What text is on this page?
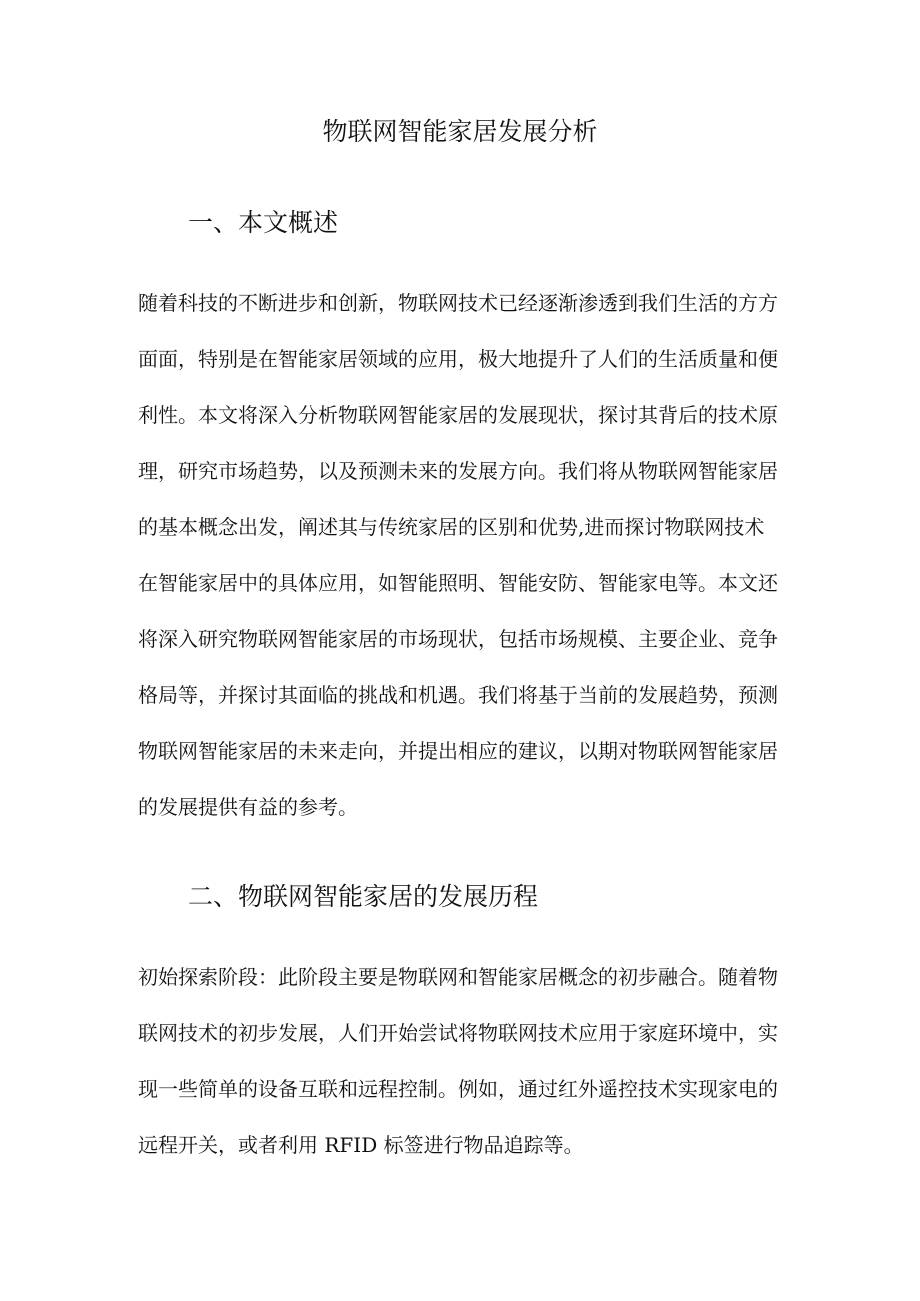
物联网智能家居发展分析
一、本文概述

随着科技的不断进步和创新，物联网技术已经逐渐渗透到我们生活的方方
面面，特别是在智能家居领域的应用，极大地提升了人们的生活质量和便
利性。本文将深入分析物联网智能家居的发展现状，探讨其背后的技术原
理，研究市场趋势，以及预测未来的发展方向。我们将从物联网智能家居
的基本概念出发，阐述其与传统家居的区别和优势,进而探讨物联网技术
在智能家居中的具体应用，如智能照明、智能安防、智能家电等。本文还
将深入研究物联网智能家居的市场现状，包括市场规模、主要企业、竞争
格局等，并探讨其面临的挑战和机遇。我们将基于当前的发展趋势，预测
物联网智能家居的未来走向，并提出相应的建议，以期对物联网智能家居
的发展提供有益的参考。

二、物联网智能家居的发展历程

初始探索阶段：此阶段主要是物联网和智能家居概念的初步融合。随着物
联网技术的初步发展，人们开始尝试将物联网技术应用于家庭环境中，实
现一些简单的设备互联和远程控制。例如，通过红外遥控技术实现家电的
远程开关，或者利用 RFID 标签进行物品追踪等。
